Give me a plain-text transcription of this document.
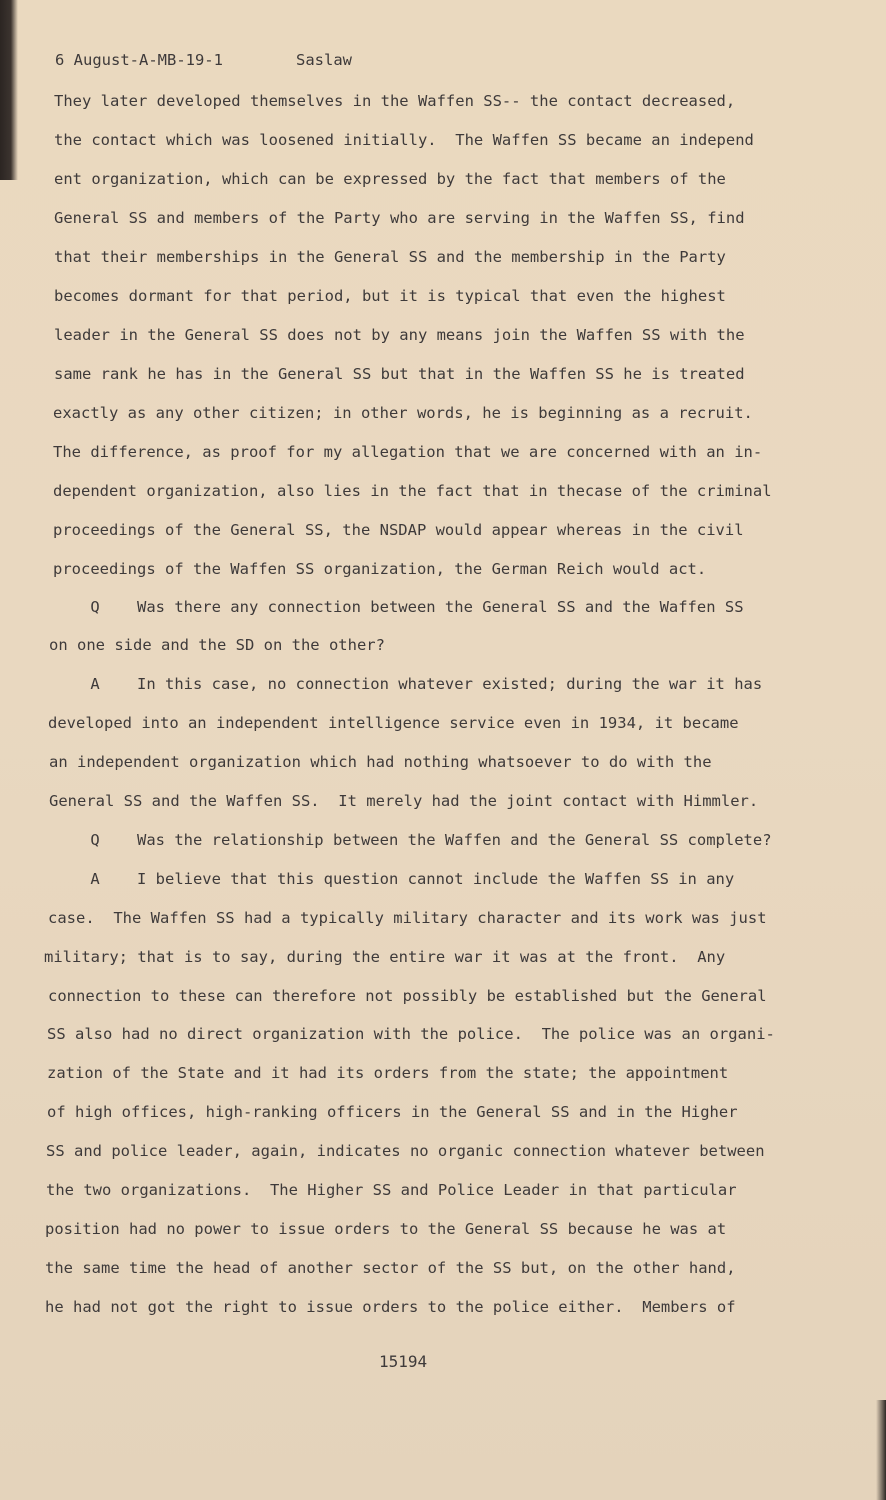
6 August-A-MB-19-1	Saslaw
They later developed themselves in the Waffen SS-- the contact decreased,
the contact which was loosened initially.  The Waffen SS became an independ
ent organization, which can be expressed by the fact that members of the
General SS and members of the Party who are serving in the Waffen SS, find
that their memberships in the General SS and the membership in the Party
becomes dormant for that period, but it is typical that even the highest
leader in the General SS does not by any means join the Waffen SS with the
same rank he has in the General SS but that in the Waffen SS he is treated
exactly as any other citizen; in other words, he is beginning as a recruit.
The difference, as proof for my allegation that we are concerned with an in-
dependent organization, also lies in the fact that in thecase of the criminal
proceedings of the General SS, the NSDAP would appear whereas in the civil
proceedings of the Waffen SS organization, the German Reich would act.
Q    Was there any connection between the General SS and the Waffen SS
on one side and the SD on the other?
A    In this case, no connection whatever existed; during the war it has
developed into an independent intelligence service even in 1934, it became
an independent organization which had nothing whatsoever to do with the
General SS and the Waffen SS.  It merely had the joint contact with Himmler.
Q    Was the relationship between the Waffen and the General SS complete?
A    I believe that this question cannot include the Waffen SS in any
case.  The Waffen SS had a typically military character and its work was just
military; that is to say, during the entire war it was at the front.  Any
connection to these can therefore not possibly be established but the General
SS also had no direct organization with the police.  The police was an organi-
zation of the State and it had its orders from the state; the appointment
of high offices, high-ranking officers in the General SS and in the Higher
SS and police leader, again, indicates no organic connection whatever between
the two organizations.  The Higher SS and Police Leader in that particular
position had no power to issue orders to the General SS because he was at
the same time the head of another sector of the SS but, on the other hand,
he had not got the right to issue orders to the police either.  Members of
15194
